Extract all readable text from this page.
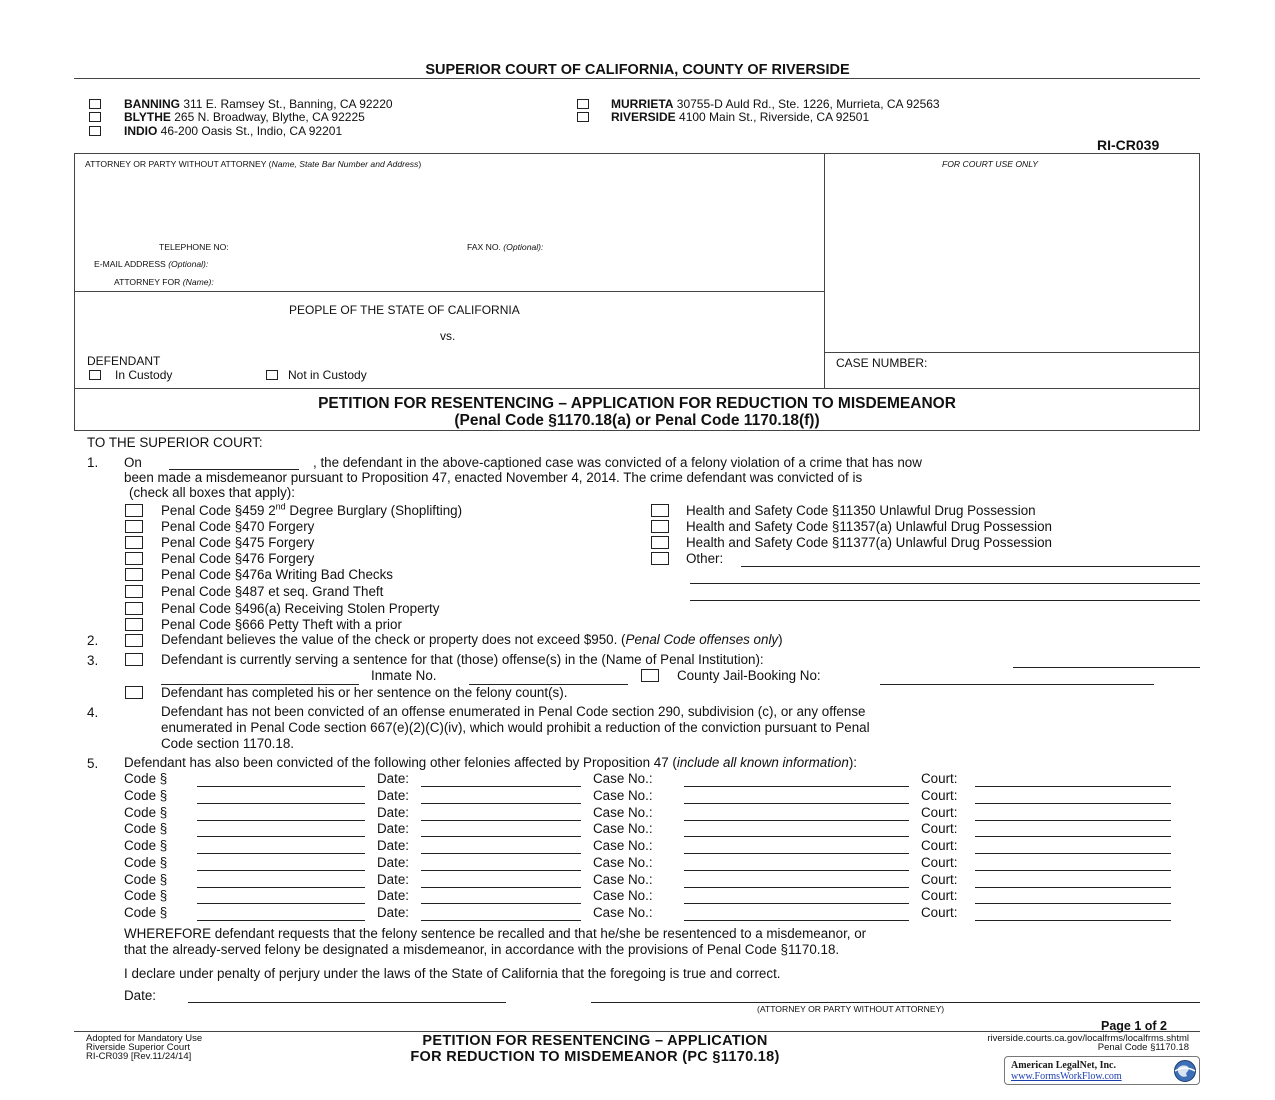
SUPERIOR COURT OF CALIFORNIA, COUNTY OF RIVERSIDE
BANNING 311 E. Ramsey St., Banning, CA 92220
BLYTHE 265 N. Broadway, Blythe, CA 92225
INDIO 46-200 Oasis St., Indio, CA 92201
MURRIETA 30755-D Auld Rd., Ste. 1226, Murrieta, CA 92563
RIVERSIDE 4100 Main St., Riverside, CA 92501
RI-CR039
ATTORNEY OR PARTY WITHOUT ATTORNEY (Name, State Bar Number and Address)	FOR COURT USE ONLY
TELEPHONE NO:	FAX NO. (Optional):
E-MAIL ADDRESS (Optional):
ATTORNEY FOR (Name):
PEOPLE OF THE STATE OF CALIFORNIA
vs.
DEFENDANT
In Custody	Not in Custody
CASE NUMBER:
PETITION FOR RESENTENCING – APPLICATION FOR REDUCTION TO MISDEMEANOR
(Penal Code §1170.18(a) or Penal Code 1170.18(f))
TO THE SUPERIOR COURT:
1. On	, the defendant in the above-captioned case was convicted of a felony violation of a crime that has now
been made a misdemeanor pursuant to Proposition 47, enacted November 4, 2014. The crime defendant was convicted of is
(check all boxes that apply):
Penal Code §459 2nd Degree Burglary (Shoplifting)
Penal Code §470 Forgery
Penal Code §475 Forgery
Penal Code §476 Forgery
Penal Code §476a Writing Bad Checks
Penal Code §487 et seq. Grand Theft
Penal Code §496(a) Receiving Stolen Property
Penal Code §666 Petty Theft with a prior
Health and Safety Code §11350 Unlawful Drug Possession
Health and Safety Code §11357(a) Unlawful Drug Possession
Health and Safety Code §11377(a) Unlawful Drug Possession
Other:
2.	Defendant believes the value of the check or property does not exceed $950. (Penal Code offenses only)
3.	Defendant is currently serving a sentence for that (those) offense(s) in the (Name of Penal Institution):
Inmate No.	County Jail-Booking No:
Defendant has completed his or her sentence on the felony count(s).
4.	Defendant has not been convicted of an offense enumerated in Penal Code section 290, subdivision (c), or any offense
enumerated in Penal Code section 667(e)(2)(C)(iv), which would prohibit a reduction of the conviction pursuant to Penal
Code section 1170.18.
5. Defendant has also been convicted of the following other felonies affected by Proposition 47 (include all known information):
Code §	Date:	Case No.:	Court:
Code §	Date:	Case No.:	Court:
Code §	Date:	Case No.:	Court:
Code §	Date:	Case No.:	Court:
Code §	Date:	Case No.:	Court:
Code §	Date:	Case No.:	Court:
Code §	Date:	Case No.:	Court:
Code §	Date:	Case No.:	Court:
Code §	Date:	Case No.:	Court:
WHEREFORE defendant requests that the felony sentence be recalled and that he/she be resentenced to a misdemeanor, or
that the already-served felony be designated a misdemeanor, in accordance with the provisions of Penal Code §1170.18.
I declare under penalty of perjury under the laws of the State of California that the foregoing is true and correct.
Date:
(ATTORNEY OR PARTY WITHOUT ATTORNEY)
Page 1 of 2
Adopted for Mandatory Use
Riverside Superior Court
RI-CR039 [Rev.11/24/14]
PETITION FOR RESENTENCING – APPLICATION
FOR REDUCTION TO MISDEMEANOR (PC §1170.18)
riverside.courts.ca.gov/localfrms/localfrms.shtml
Penal Code §1170.18
American LegalNet, Inc.
www.FormsWorkFlow.com
